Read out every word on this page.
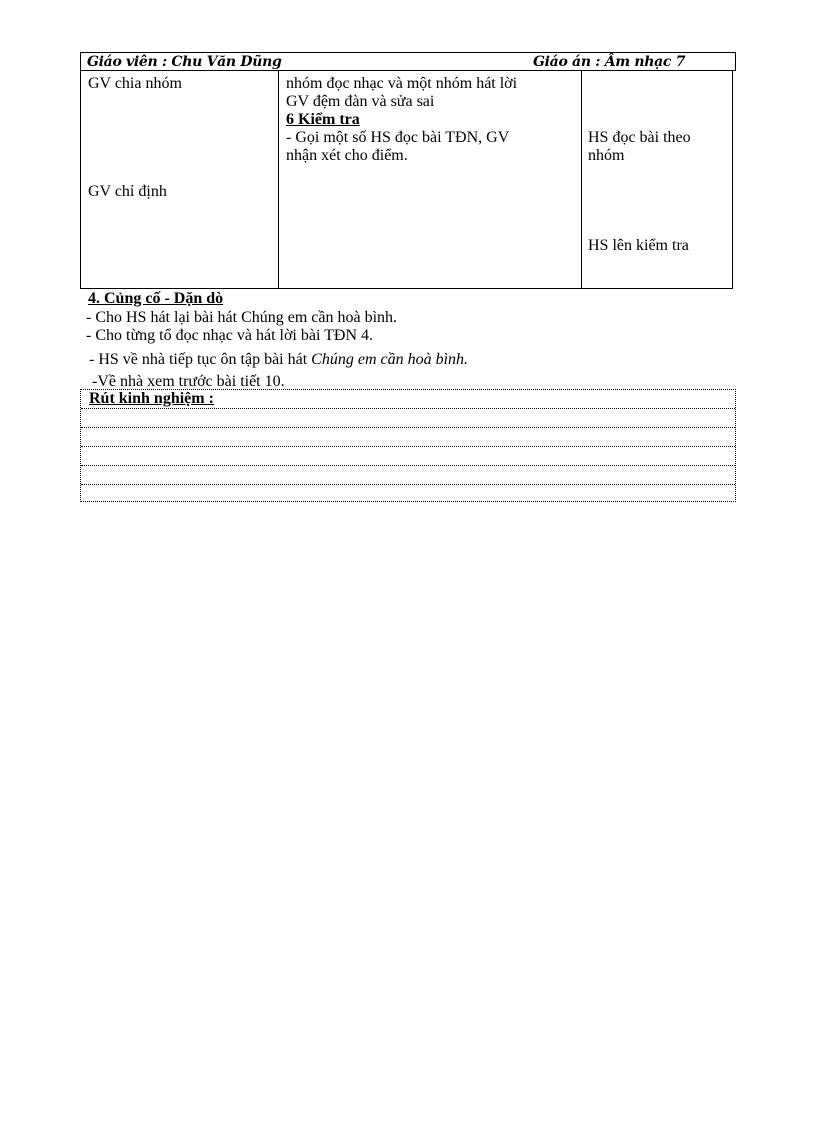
Giáo viên : Chu Văn Dũng	Giáo án : Âm nhạc 7
GV chia nhóm
GV chỉ định
nhóm đọc nhạc và một nhóm hát lời
GV đệm đàn và sửa sai
6 Kiểm tra
- Gọi một số HS đọc bài TĐN, GV
nhận xét cho điểm.
HS đọc bài theo
nhóm
HS lên kiểm tra
4. Củng cố - Dặn dò
- Cho HS hát lại bài hát Chúng em cần hoà bình.
- Cho từng tổ đọc nhạc và hát lời bài TĐN 4.
- HS về nhà tiếp tục ôn tập bài hát Chúng em cần hoà bình.
-Về nhà xem trước bài tiết 10.
Rút kinh nghiệm :
